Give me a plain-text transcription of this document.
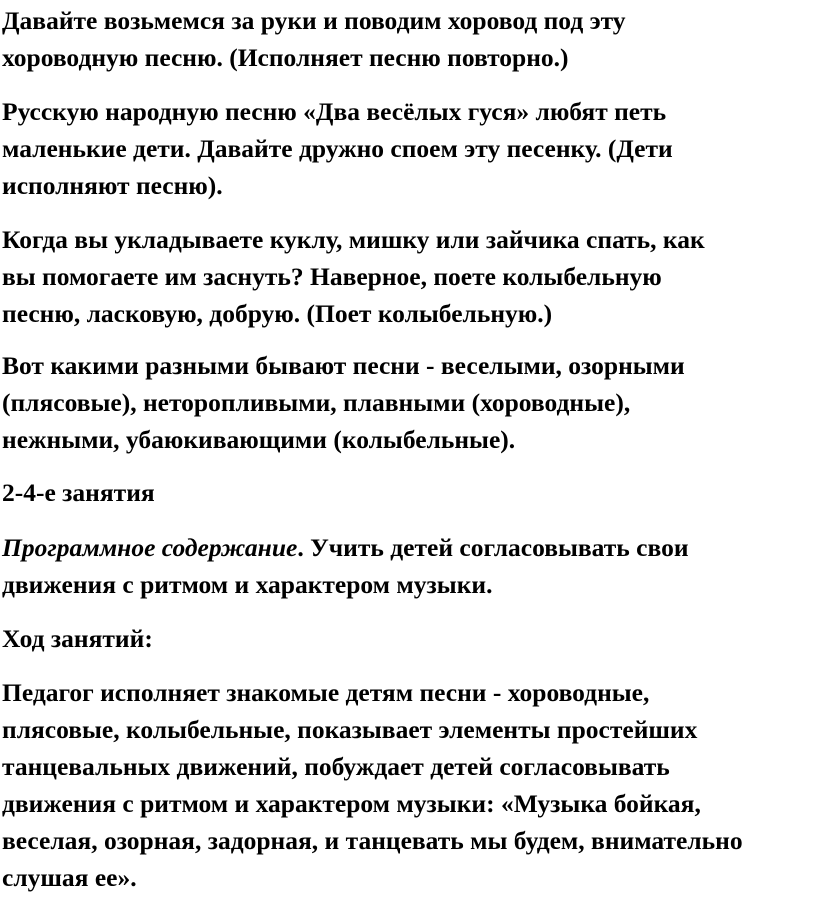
Давайте возьмемся за руки и поводим хоровод под эту
хороводную песню. (Исполняет песню повторно.)

Русскую народную песню «Два весёлых гуся» любят петь
маленькие дети. Давайте дружно споем эту песенку. (Дети
исполняют песню).

Когда вы укладываете куклу, мишку или зайчика спать, как
вы помогаете им заснуть? Наверное, поете колыбельную
песню, ласковую, добрую. (Поет колыбельную.)

Вот какими разными бывают песни - веселыми, озорными
(плясовые), неторопливыми, плавными (хороводные),
нежными, убаюкивающими (колыбельные).

2-4-е занятия

Программное содержание. Учить детей согласовывать свои
движения с ритмом и характером музыки.

Ход занятий:

Педагог исполняет знакомые детям песни - хороводные,
плясовые, колыбельные, показывает элементы простейших
танцевальных движений, побуждает детей согласовывать
движения с ритмом и характером музыки: «Музыка бойкая,
веселая, озорная, задорная, и танцевать мы будем, внимательно
слушая ее».
